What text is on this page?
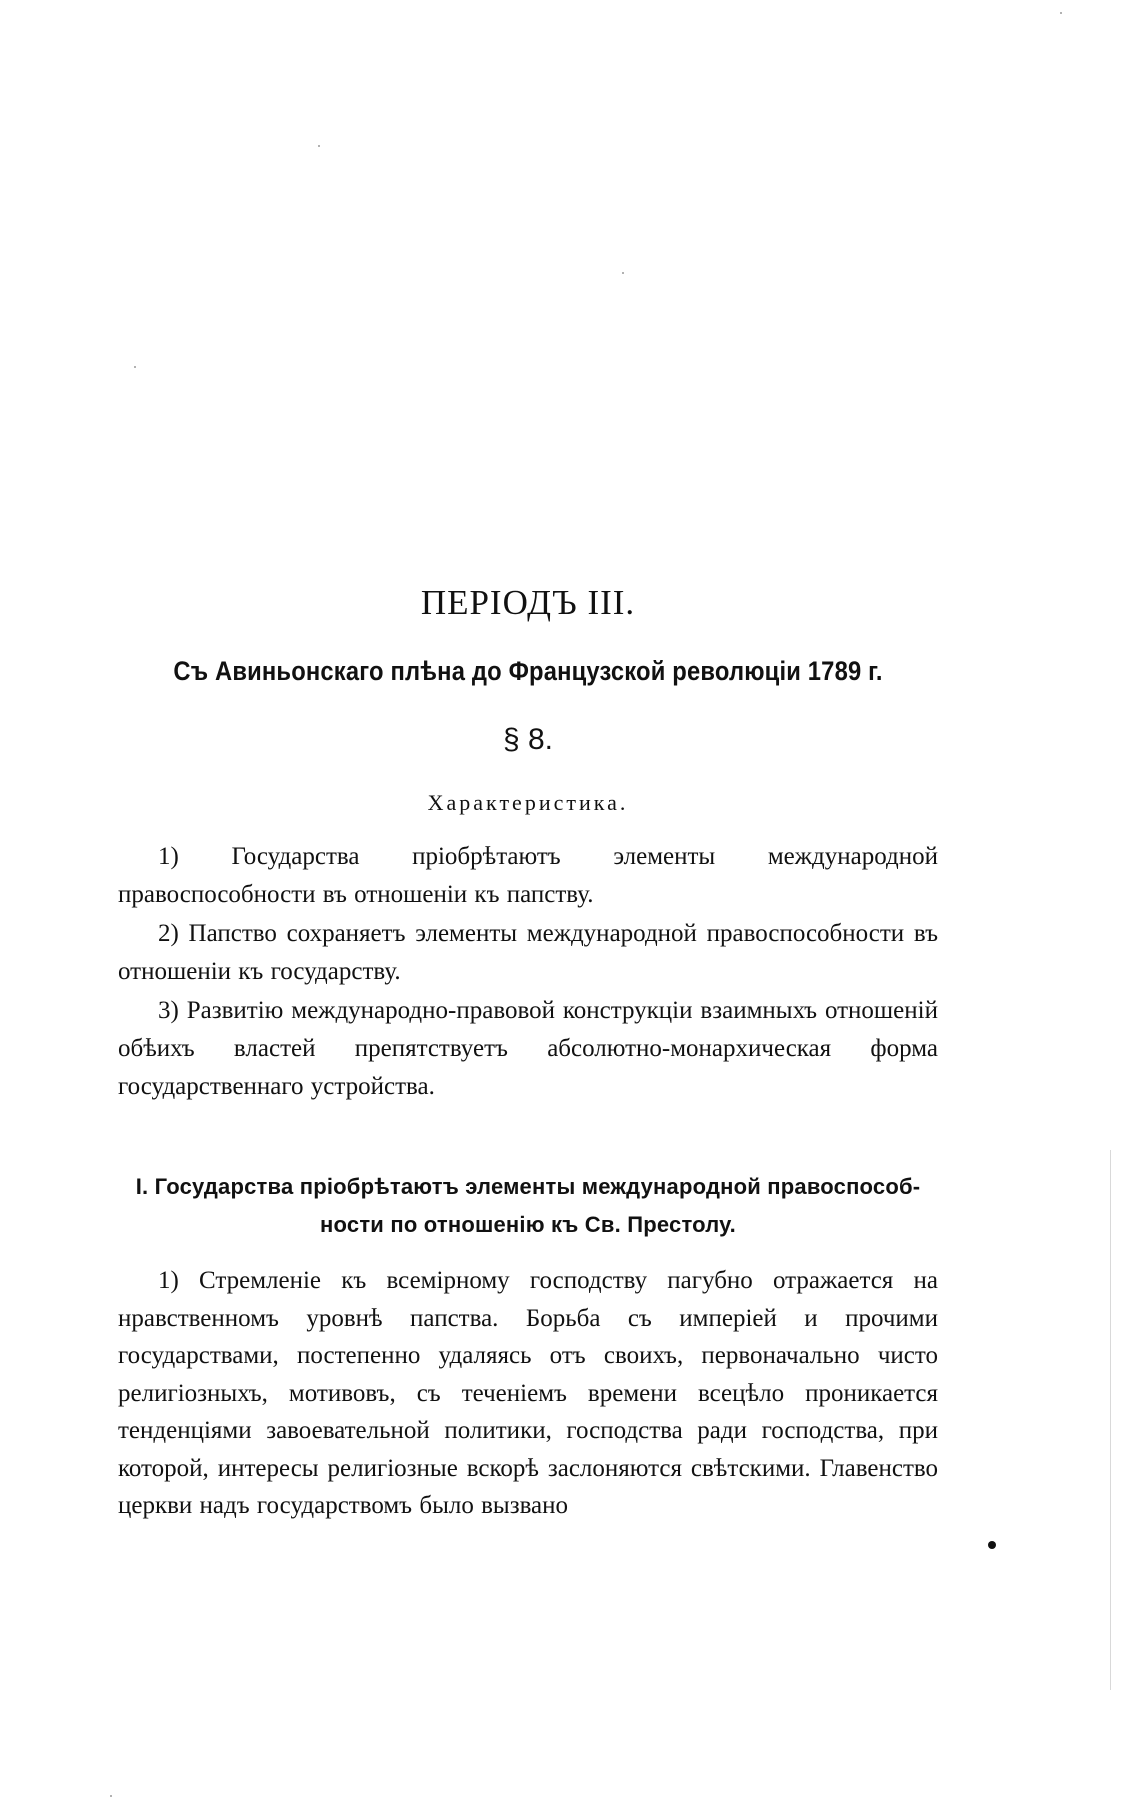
ПЕРІОДЪ III.
Съ Авиньонскаго плѣна до Французской революціи 1789 г.
§ 8.
Характеристика.

1) Государства пріобрѣтаютъ элементы международной правоспособности въ отношеніи къ папству.

2) Папство сохраняетъ элементы международной правоспособности въ отношеніи къ государству.

3) Развитію международно-правовой конструкціи взаимныхъ отношеній обѣихъ властей препятствуетъ абсолютно-монархическая форма государственнаго устройства.

I. Государства пріобрѣтаютъ элементы международной правоспособ-
ности по отношенію къ Св. Престолу.

1) Стремленіе къ всемірному господству пагубно отражается на нравственномъ уровнѣ папства. Борьба съ имперіей и прочими государствами, постепенно удаляясь отъ своихъ, первоначально чисто религіозныхъ, мотивовъ, съ теченіемъ времени всецѣло проникается тенденціями завоевательной политики, господства ради господства, при которой, интересы религіозные вскорѣ заслоняются свѣтскими. Главенство церкви надъ государствомъ было вызвано
